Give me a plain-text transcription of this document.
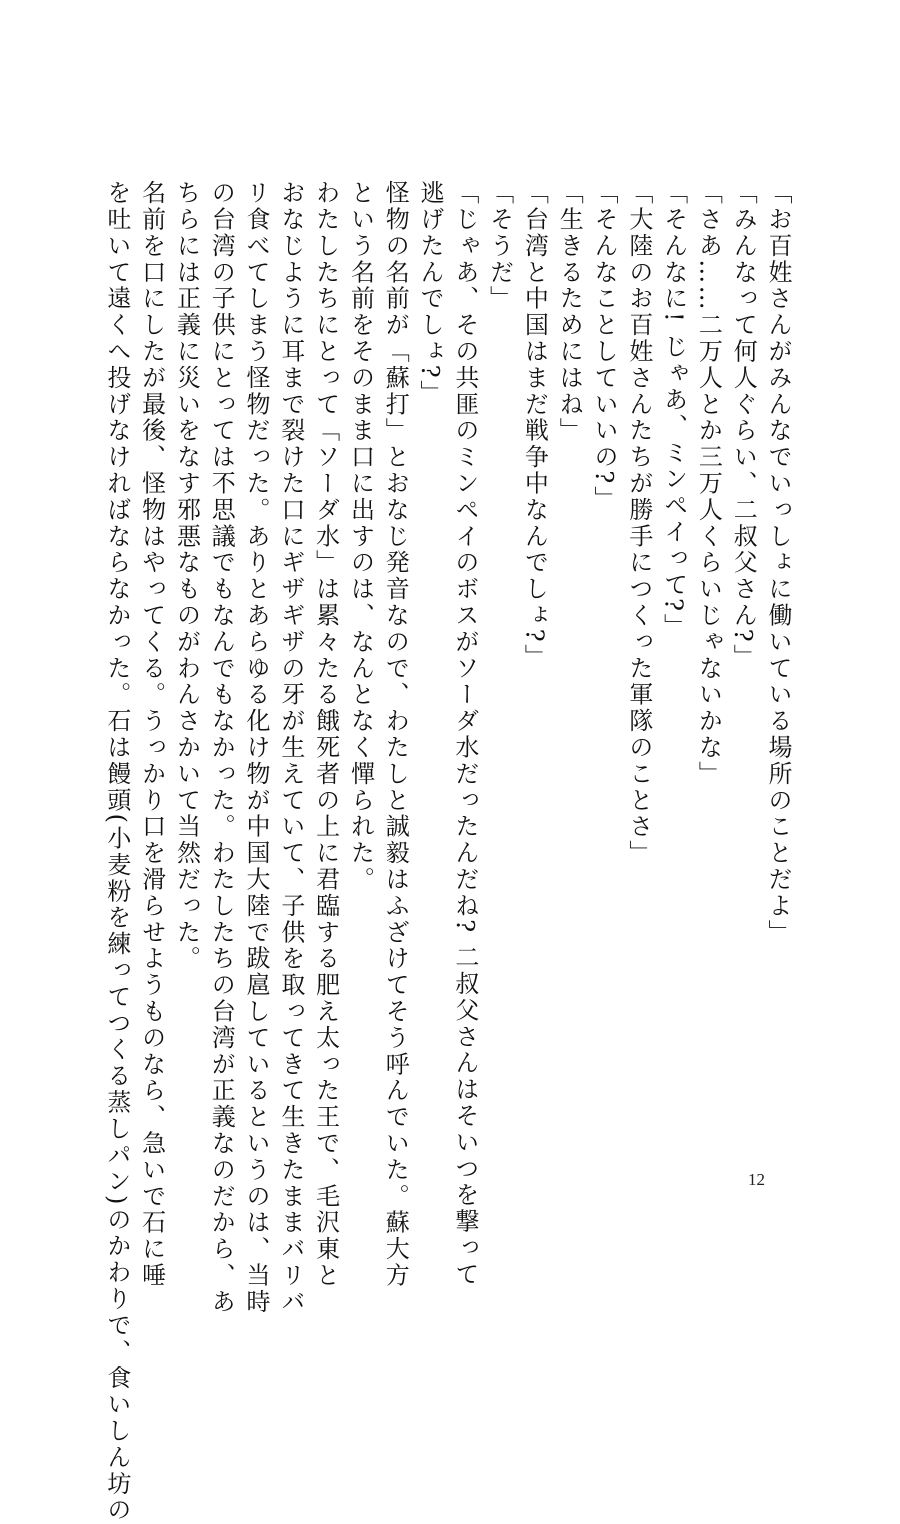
「お百姓さんがみんなでいっしょに働いている場所のことだよ」
「みんなって何人ぐらい、二叔父さん?」
「さあ……二万人とか三万人くらいじゃないかな」
「そんなに! じゃあ、ミンペイって?」
「大陸のお百姓さんたちが勝手につくった軍隊のことさ」
「そんなことしていいの?」
「生きるためにはね」
「台湾と中国はまだ戦争中なんでしょ?」
「そうだ」
「じゃあ、その共匪のミンペイのボスがソーダ水だったんだね? 二叔父さんはそいつを撃って
逃げたんでしょ?」
怪物の名前が「蘇打」とおなじ発音なので、わたしと誠毅はふざけてそう呼んでいた。蘇大方
という名前をそのまま口に出すのは、なんとなく憚られた。
わたしたちにとって「ソーダ水」は累々たる餓死者の上に君臨する肥え太った王で、毛沢東と
おなじように耳まで裂けた口にギザギザの牙が生えていて、子供を取ってきて生きたままバリバ
リ食べてしまう怪物だった。ありとあらゆる化け物が中国大陸で跋扈しているというのは、当時
の台湾の子供にとっては不思議でもなんでもなかった。わたしたちの台湾が正義なのだから、あ
ちらには正義に災いをなす邪悪なものがわんさかいて当然だった。
名前を口にしたが最後、怪物はやってくる。うっかり口を滑らせようものなら、急いで石に唾
を吐いて遠くへ投げなければならなかった。石は饅頭(小麦粉を練ってつくる蒸しパン)のかわりで、食いしん坊の	12
